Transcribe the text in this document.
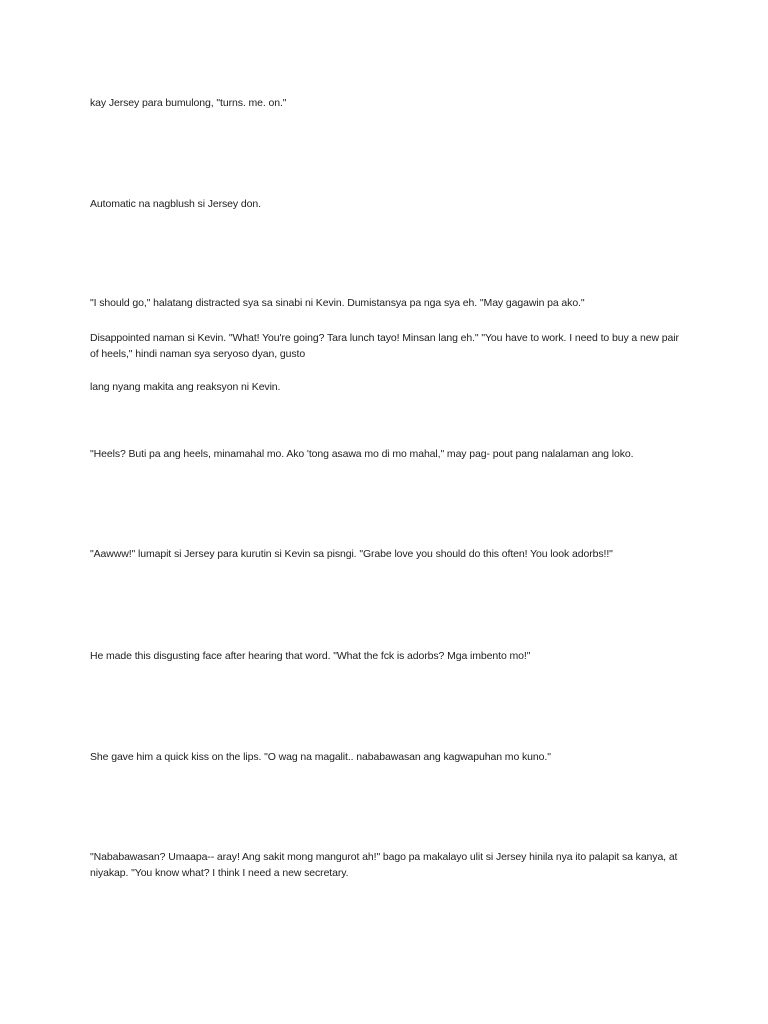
kay Jersey para bumulong, "turns. me. on."

Automatic na nagblush si Jersey don.

"I should go," halatang distracted sya sa sinabi ni Kevin. Dumistansya pa nga sya eh. "May gagawin pa ako."

Disappointed naman si Kevin. "What! You're going? Tara lunch tayo! Minsan lang eh." "You have to work. I need to buy a new pair of heels," hindi naman sya seryoso dyan, gusto

lang nyang makita ang reaksyon ni Kevin.

"Heels? Buti pa ang heels, minamahal mo. Ako 'tong asawa mo di mo mahal," may pag- pout pang nalalaman ang loko.

"Aawww!" lumapit si Jersey para kurutin si Kevin sa pisngi. "Grabe love you should do this often! You look adorbs!!"

He made this disgusting face after hearing that word. "What the fck is adorbs? Mga imbento mo!"

She gave him a quick kiss on the lips. "O wag na magalit.. nababawasan ang kagwapuhan mo kuno."

"Nababawasan? Umaapa-- aray! Ang sakit mong mangurot ah!" bago pa makalayo ulit si Jersey hinila nya ito palapit sa kanya, at niyakap. "You know what? I think I need a new secretary.
